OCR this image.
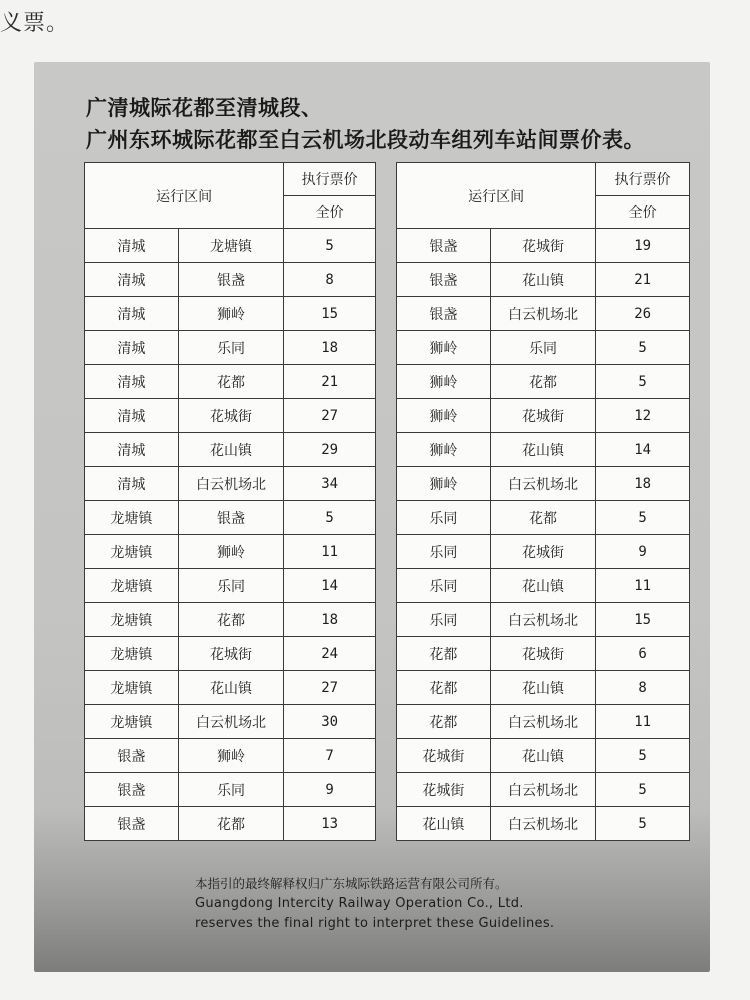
义票。
广清城际花都至清城段、
广州东环城际花都至白云机场北段动车组列车站间票价表。
运行区间		执行票价
		全价
清城	龙塘镇	5
清城	银盏	8
清城	狮岭	15
清城	乐同	18
清城	花都	21
清城	花城街	27
清城	花山镇	29
清城	白云机场北	34
龙塘镇	银盏	5
龙塘镇	狮岭	11
龙塘镇	乐同	14
龙塘镇	花都	18
龙塘镇	花城街	24
龙塘镇	花山镇	27
龙塘镇	白云机场北	30
银盏	狮岭	7
银盏	乐同	9
银盏	花都	13
运行区间		执行票价
		全价
银盏	花城街	19
银盏	花山镇	21
银盏	白云机场北	26
狮岭	乐同	5
狮岭	花都	5
狮岭	花城街	12
狮岭	花山镇	14
狮岭	白云机场北	18
乐同	花都	5
乐同	花城街	9
乐同	花山镇	11
乐同	白云机场北	15
花都	花城街	6
花都	花山镇	8
花都	白云机场北	11
花城街	花山镇	5
花城街	白云机场北	5
花山镇	白云机场北	5
本指引的最终解释权归广东城际铁路运营有限公司所有。
Guangdong Intercity Railway Operation Co., Ltd.
reserves the final right to interpret these Guidelines.
